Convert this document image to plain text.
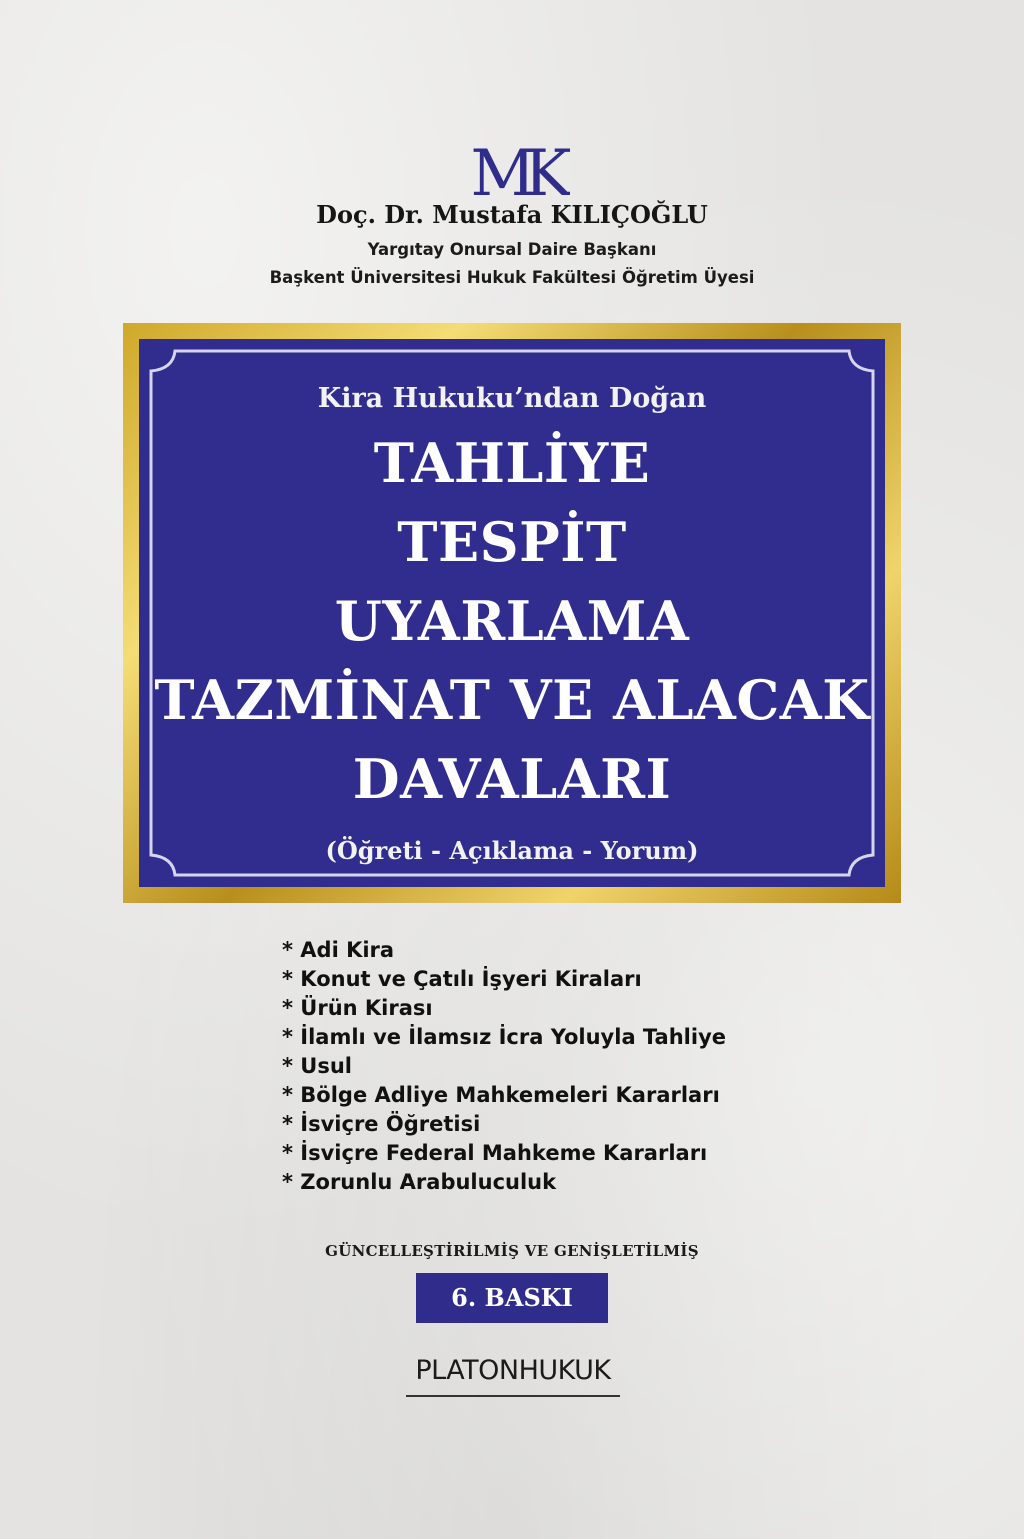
MK
Doç. Dr. Mustafa KILIÇOĞLU
Yargıtay Onursal Daire Başkanı
Başkent Üniversitesi Hukuk Fakültesi Öğretim Üyesi
Kira Hukuku’ndan Doğan
TAHLİYE
TESPİT
UYARLAMA
TAZMİNAT VE ALACAK
DAVALARI
(Öğreti - Açıklama - Yorum)
* Adi Kira
* Konut ve Çatılı İşyeri Kiraları
* Ürün Kirası
* İlamlı ve İlamsız İcra Yoluyla Tahliye
* Usul
* Bölge Adliye Mahkemeleri Kararları
* İsviçre Öğretisi
* İsviçre Federal Mahkeme Kararları
* Zorunlu Arabuluculuk
GÜNCELLEŞTİRİLMİŞ VE GENİŞLETİLMİŞ
6. BASKI
PLATONHUKUK
